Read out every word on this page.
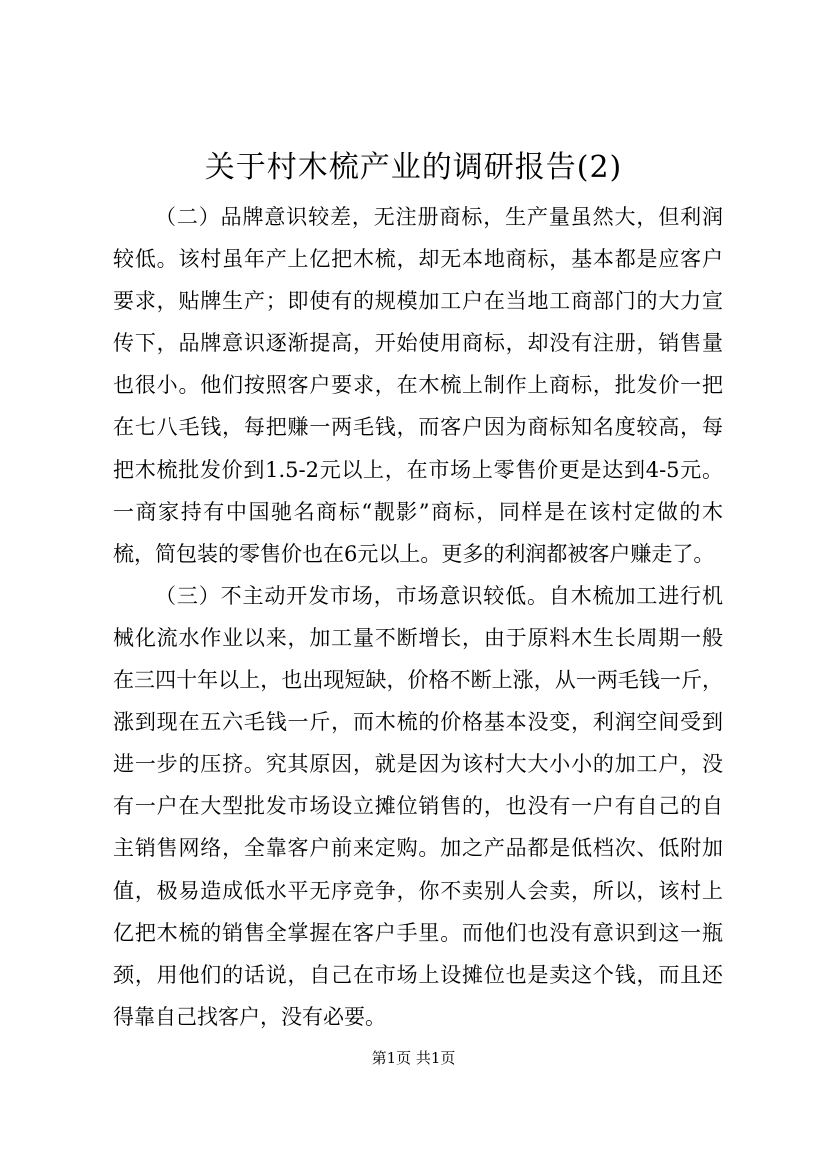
关于村木梳产业的调研报告(2)
（二）品牌意识较差，无注册商标，生产量虽然大，但利润
较低。该村虽年产上亿把木梳，却无本地商标，基本都是应客户
要求，贴牌生产；即使有的规模加工户在当地工商部门的大力宣
传下，品牌意识逐渐提高，开始使用商标，却没有注册，销售量
也很小。他们按照客户要求，在木梳上制作上商标，批发价一把
在七八毛钱，每把赚一两毛钱，而客户因为商标知名度较高，每
把木梳批发价到1.5-2元以上，在市场上零售价更是达到4-5元。
一商家持有中国驰名商标“靓影”商标，同样是在该村定做的木
梳，简包装的零售价也在6元以上。更多的利润都被客户赚走了。
（三）不主动开发市场，市场意识较低。自木梳加工进行机
械化流水作业以来，加工量不断增长，由于原料木生长周期一般
在三四十年以上，也出现短缺，价格不断上涨，从一两毛钱一斤，
涨到现在五六毛钱一斤，而木梳的价格基本没变，利润空间受到
进一步的压挤。究其原因，就是因为该村大大小小的加工户，没
有一户在大型批发市场设立摊位销售的，也没有一户有自己的自
主销售网络，全靠客户前来定购。加之产品都是低档次、低附加
值，极易造成低水平无序竞争，你不卖别人会卖，所以，该村上
亿把木梳的销售全掌握在客户手里。而他们也没有意识到这一瓶
颈，用他们的话说，自己在市场上设摊位也是卖这个钱，而且还
得靠自己找客户，没有必要。
第1页 共1页
